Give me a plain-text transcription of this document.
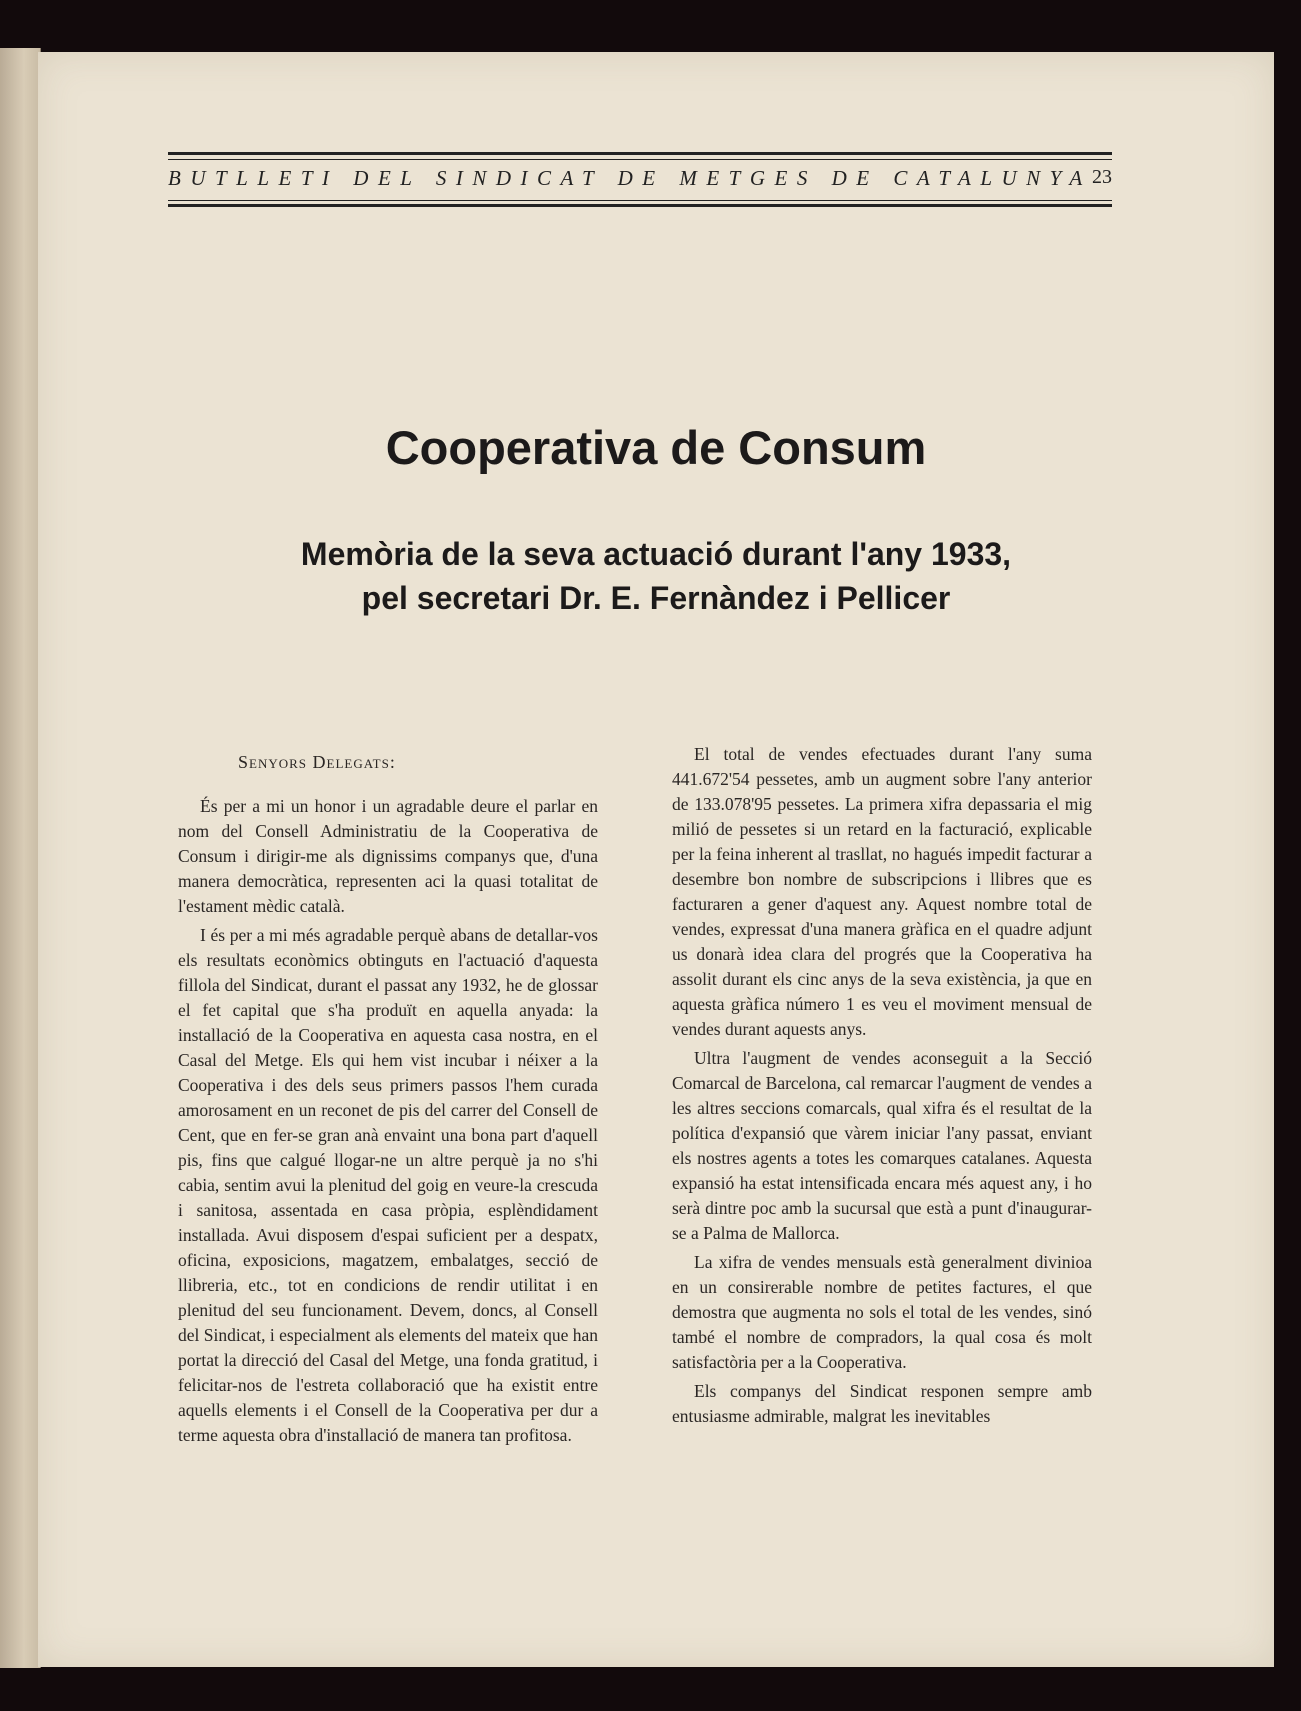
BUTLLETI DEL SINDICAT DE METGES DE CATALUNYA 23
Cooperativa de Consum
Memòria de la seva actuació durant l'any 1933,
pel secretari Dr. E. Fernàndez i Pellicer
Senyors Delegats:

És per a mi un honor i un agradable deure el parlar en nom del Consell Administratiu de la Cooperativa de Consum i dirigir-me als dignissims companys que, d'una manera democràtica, representen aci la quasi totalitat de l'estament mèdic català.

I és per a mi més agradable perquè abans de detallar-vos els resultats econòmics obtinguts en l'actuació d'aquesta fillola del Sindicat, durant el passat any 1932, he de glossar el fet capital que s'ha produït en aquella anyada: la installació de la Cooperativa en aquesta casa nostra, en el Casal del Metge. Els qui hem vist incubar i néixer a la Cooperativa i des dels seus primers passos l'hem curada amorosament en un reconet de pis del carrer del Consell de Cent, que en fer-se gran anà envaint una bona part d'aquell pis, fins que calgué llogar-ne un altre perquè ja no s'hi cabia, sentim avui la plenitud del goig en veure-la crescuda i sanitosa, assentada en casa pròpia, esplèndidament installada. Avui disposem d'espai suficient per a despatx, oficina, exposicions, magatzem, embalatges, secció de llibreria, etc., tot en condicions de rendir utilitat i en plenitud del seu funcionament. Devem, doncs, al Consell del Sindicat, i especialment als elements del mateix que han portat la direcció del Casal del Metge, una fonda gratitud, i felicitar-nos de l'estreta collaboració que ha existit entre aquells elements i el Consell de la Cooperativa per dur a terme aquesta obra d'installació de manera tan profitosa.

El total de vendes efectuades durant l'any suma 441.672'54 pessetes, amb un augment sobre l'any anterior de 133.078'95 pessetes. La primera xifra depassaria el mig milió de pessetes si un retard en la facturació, explicable per la feina inherent al trasllat, no hagués impedit facturar a desembre bon nombre de subscripcions i llibres que es facturaren a gener d'aquest any. Aquest nombre total de vendes, expressat d'una manera gràfica en el quadre adjunt us donarà idea clara del progrés que la Cooperativa ha assolit durant els cinc anys de la seva existència, ja que en aquesta gràfica número 1 es veu el moviment mensual de vendes durant aquests anys.

Ultra l'augment de vendes aconseguit a la Secció Comarcal de Barcelona, cal remarcar l'augment de vendes a les altres seccions comarcals, qual xifra és el resultat de la política d'expansió que vàrem iniciar l'any passat, enviant els nostres agents a totes les comarques catalanes. Aquesta expansió ha estat intensificada encara més aquest any, i ho serà dintre poc amb la sucursal que està a punt d'inaugurar-se a Palma de Mallorca.

La xifra de vendes mensuals està generalment divinioa en un consirerable nombre de petites factures, el que demostra que augmenta no sols el total de les vendes, sinó també el nombre de compradors, la qual cosa és molt satisfactòria per a la Cooperativa.

Els companys del Sindicat responen sempre amb entusiasme admirable, malgrat les inevitables
